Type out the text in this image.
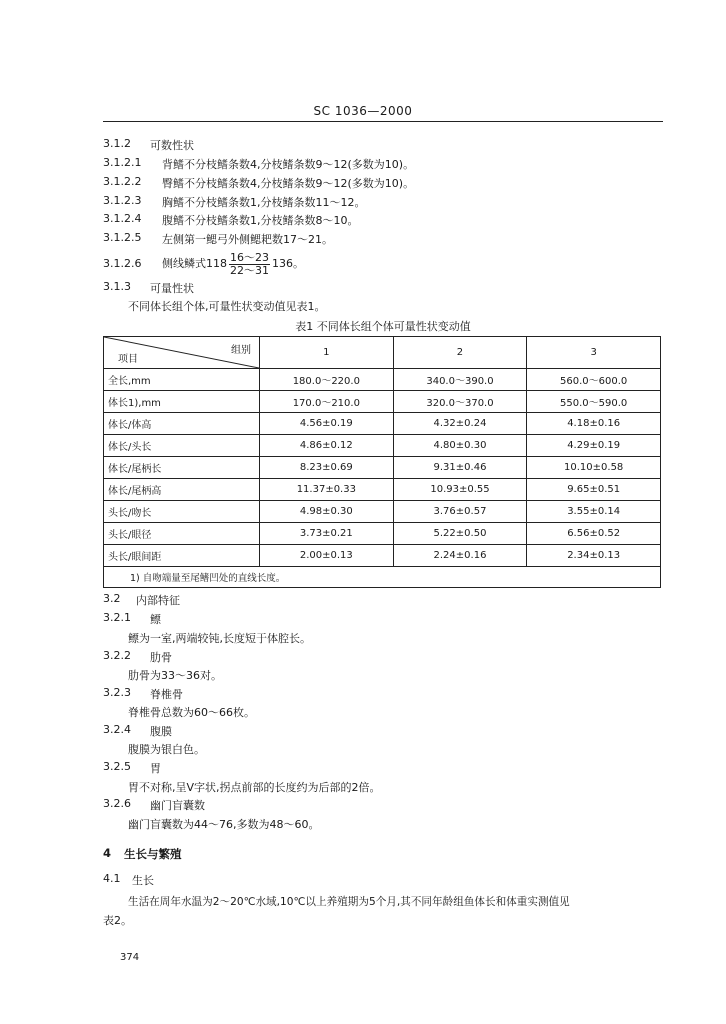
SC 1036—2000
3.1.2 可数性状
3.1.2.1 背鳍不分枝鳍条数4,分枝鳍条数9～12(多数为10)。
3.1.2.2 臀鳍不分枝鳍条数4,分枝鳍条数9～12(多数为10)。
3.1.2.3 胸鳍不分枝鳍条数1,分枝鳍条数11～12。
3.1.2.4 腹鳍不分枝鳍条数1,分枝鳍条数8～10。
3.1.2.5 左侧第一鳃弓外侧鳃耙数17～21。
3.1.2.6 侧线鳞式$118 \frac{16\sim 23}{22\sim 31} 136$。
3.1.3 可量性状
不同体长组个体,可量性状变动值见表1。
表1 不同体长组个体可量性状变动值
组别
项目	1	2	3
全长,mm	180.0～220.0	340.0～390.0	560.0～600.0
体长1),mm	170.0～210.0	320.0～370.0	550.0～590.0
体长/体高	4.56±0.19	4.32±0.24	4.18±0.16
体长/头长	4.86±0.12	4.80±0.30	4.29±0.19
体长/尾柄长	8.23±0.69	9.31±0.46	10.10±0.58
体长/尾柄高	11.37±0.33	10.93±0.55	9.65±0.51
头长/吻长	4.98±0.30	3.76±0.57	3.55±0.14
头长/眼径	3.73±0.21	5.22±0.50	6.56±0.52
头长/眼间距	2.00±0.13	2.24±0.16	2.34±0.13
1) 自吻端量至尾鳍凹处的直线长度。			
3.2 内部特征
3.2.1 鳔
鳔为一室,两端较钝,长度短于体腔长。
3.2.2 肋骨
肋骨为33～36对。
3.2.3 脊椎骨
脊椎骨总数为60～66枚。
3.2.4 腹膜
腹膜为银白色。
3.2.5 胃
胃不对称,呈V字状,拐点前部的长度约为后部的2倍。
3.2.6 幽门盲囊数
幽门盲囊数为44～76,多数为48～60。
4 生长与繁殖
4.1 生长
生活在周年水温为2～20℃水域,10℃以上养殖期为5个月,其不同年龄组鱼体长和体重实测值见
表2。
374
